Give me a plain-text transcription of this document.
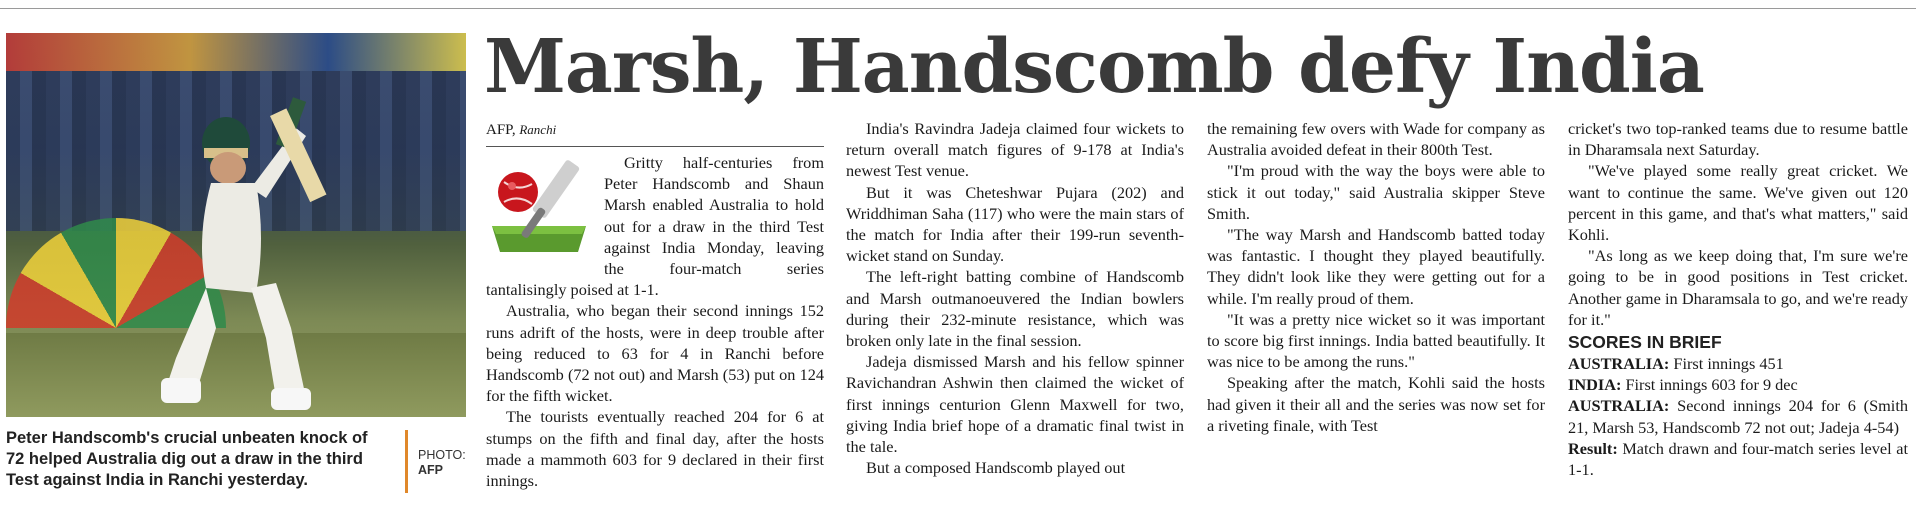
Peter Handscomb's crucial unbeaten knock of 72 helped Australia dig out a draw in the third Test against India in Ranchi yesterday.
PHOTO:
AFP
Marsh, Handscomb defy India
AFP, Ranchi

Gritty half-centuries from Peter Handscomb and Shaun Marsh enabled Australia to hold out for a draw in the third Test against India Monday, leaving the four-match series tantalisingly poised at 1-1.

Australia, who began their second innings 152 runs adrift of the hosts, were in deep trouble after being reduced to 63 for 4 in Ranchi before Handscomb (72 not out) and Marsh (53) put on 124 for the fifth wicket.

The tourists eventually reached 204 for 6 at stumps on the fifth and final day, after the hosts made a mammoth 603 for 9 declared in their first innings.

India's Ravindra Jadeja claimed four wickets to return overall match figures of 9-178 at India's newest Test venue.

But it was Cheteshwar Pujara (202) and Wriddhiman Saha (117) who were the main stars of the match for India after their 199-run seventh-wicket stand on Sunday.

The left-right batting combine of Handscomb and Marsh outmanoeuvered the Indian bowlers during their 232-minute resistance, which was broken only late in the final session.

Jadeja dismissed Marsh and his fellow spinner Ravichandran Ashwin then claimed the wicket of first innings centurion Glenn Maxwell for two, giving India brief hope of a dramatic final twist in the tale.

But a composed Handscomb played out

the remaining few overs with Wade for company as Australia avoided defeat in their 800th Test.

"I'm proud with the way the boys were able to stick it out today," said Australia skipper Steve Smith.

"The way Marsh and Handscomb batted today was fantastic. I thought they played beautifully. They didn't look like they were getting out for a while. I'm really proud of them.

"It was a pretty nice wicket so it was important to score big first innings. India batted beautifully. It was nice to be among the runs."

Speaking after the match, Kohli said the hosts had given it their all and the series was now set for a riveting finale, with Test

cricket's two top-ranked teams due to resume battle in Dharamsala next Saturday.

"We've played some really great cricket. We want to continue the same. We've given out 120 percent in this game, and that's what matters," said Kohli.

"As long as we keep doing that, I'm sure we're going to be in good positions in Test cricket. Another game in Dharamsala to go, and we're ready for it."

SCORES IN BRIEF

AUSTRALIA: First innings 451

INDIA: First innings 603 for 9 dec

AUSTRALIA: Second innings 204 for 6 (Smith 21, Marsh 53, Handscomb 72 not out; Jadeja 4-54)

Result: Match drawn and four-match series level at 1-1.
